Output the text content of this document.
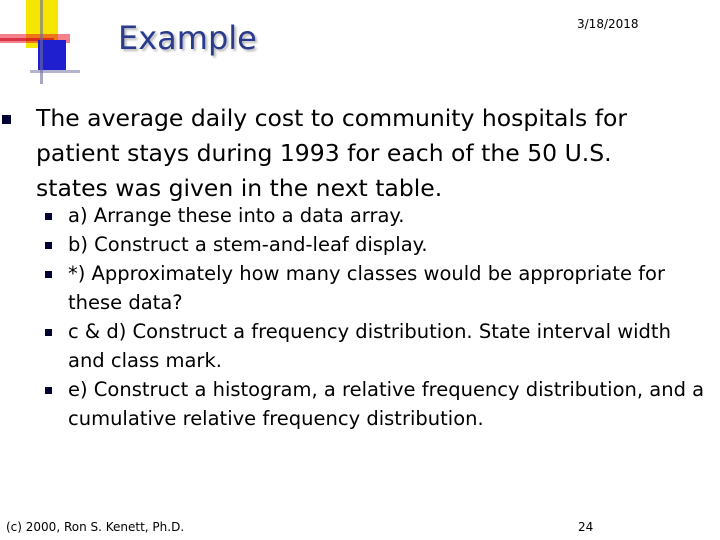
Example	3/18/2018
The average daily cost to community hospitals for patient stays during 1993 for each of the 50 U.S. states was given in the next table.
a) Arrange these into a data array.
b) Construct a stem-and-leaf display.
*) Approximately how many classes would be appropriate for these data?
c & d) Construct a frequency distribution. State interval width and class mark.
e) Construct a histogram, a relative frequency distribution, and a cumulative relative frequency distribution.
(c) 2000, Ron S. Kenett, Ph.D.	24
